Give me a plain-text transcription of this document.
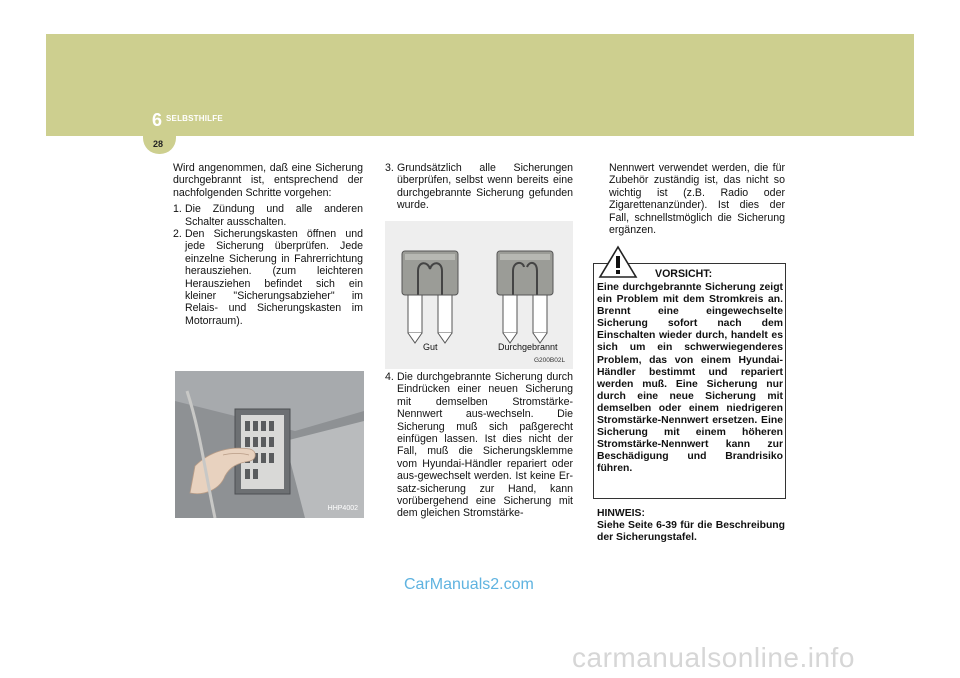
6 SELBSTHILFE
28

Wird angenommen, daß eine Sicherung durchgebrannt ist, entsprechend der nachfolgenden Schritte vorgehen:

1. Die Zündung und alle anderen Schalter ausschalten.
2. Den Sicherungskasten öffnen und jede Sicherung überprüfen. Jede einzelne Sicherung in Fahrerrichtung herausziehen. (zum leichteren Herausziehen befindet sich ein kleiner "Sicherungsabzieher" im Relais- und Sicherungskasten im Motorraum).
HHP4002
3. Grundsätzlich alle Sicherungen überprüfen, selbst wenn bereits eine durchgebrannte Sicherung gefunden wurde.
Gut	Durchgebrannt
G200B02L
4. Die durchgebrannte Sicherung durch Eindrücken einer neuen Sicherung mit demselben Stromstärke-Nennwert aus-wechseln. Die Sicherung muß sich paßgerecht einfügen lassen. Ist dies nicht der Fall, muß die Sicherungsklemme vom Hyundai-Händler repariert oder aus-gewechselt werden. Ist keine Er-satz-sicherung zur Hand, kann vorübergehend eine Sicherung mit dem gleichen Stromstärke-

Nennwert verwendet werden, die für Zubehör zuständig ist, das nicht so wichtig ist (z.B. Radio oder Zigarettenanzünder). Ist dies der Fall, schnellstmöglich die Sicherung ergänzen.

VORSICHT:
Eine durchgebrannte Sicherung zeigt ein Problem mit dem Stromkreis an. Brennt eine eingewechselte Sicherung sofort nach dem Einschalten wieder durch, handelt es sich um ein schwerwiegenderes Problem, das von einem Hyundai-Händler bestimmt und repariert werden muß. Eine Sicherung nur durch eine neue Sicherung mit demselben oder einem niedrigeren Stromstärke-Nennwert ersetzen. Eine Sicherung mit einem höheren Stromstärke-Nennwert kann zur Beschädigung und Brandrisiko führen.
HINWEIS:
Siehe Seite 6-39 für die Beschreibung der Sicherungstafel.
CarManuals2.com
carmanualsonline.info
